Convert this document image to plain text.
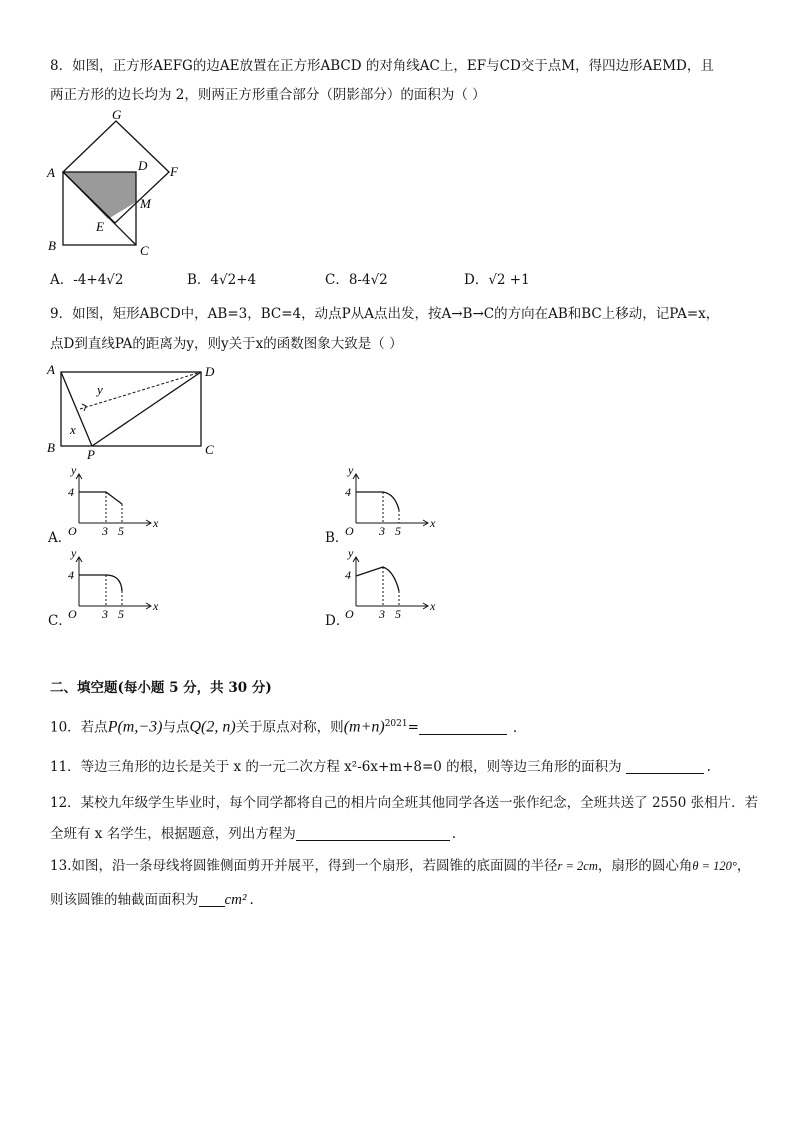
8．如图，正方形AEFG的边AE放置在正方形ABCD 的对角线AC上，EF与CD交于点M，得四边形AEMD，且
两正方形的边长均为 2，则两正方形重合部分（阴影部分）的面积为（ ）
G
A	D F
M
E
B	C
A．-4+4√2	B．4√2+4	C．8-4√2	D．√2 +1
9．如图，矩形ABCD中，AB=3，BC=4，动点P从A点出发，按A→B→C的方向在AB和BC上移动，记PA=x，
点D到直线PA的距离为y，则y关于x的函数图象大致是（ ）
A	D
B	C
P
x
y
A．
y
4
O 3 5
x
B．
y
4
O 3 5
x
C．
y
4
O 3 5
x
D．
y
4
O 3 5
x
二、填空题(每小题 5 分，共 30 分)
10．若点P(m,−3)与点Q(2, n)关于原点对称，则$(m+n)^{2021}=$	.
11．等边三角形的边长是关于 x 的一元二次方程 x²-6x+m+8=0 的根，则等边三角形的面积为	.
12．某校九年级学生毕业时，每个同学都将自己的相片向全班其他同学各送一张作纪念，全班共送了 2550 张相片．若
全班有 x 名学生，根据题意，列出方程为	.
13.如图，沿一条母线将圆锥侧面剪开并展平，得到一个扇形，若圆锥的底面圆的半径r = 2cm，扇形的圆心角θ = 120°，
则该圆锥的轴截面面积为 cm² .
